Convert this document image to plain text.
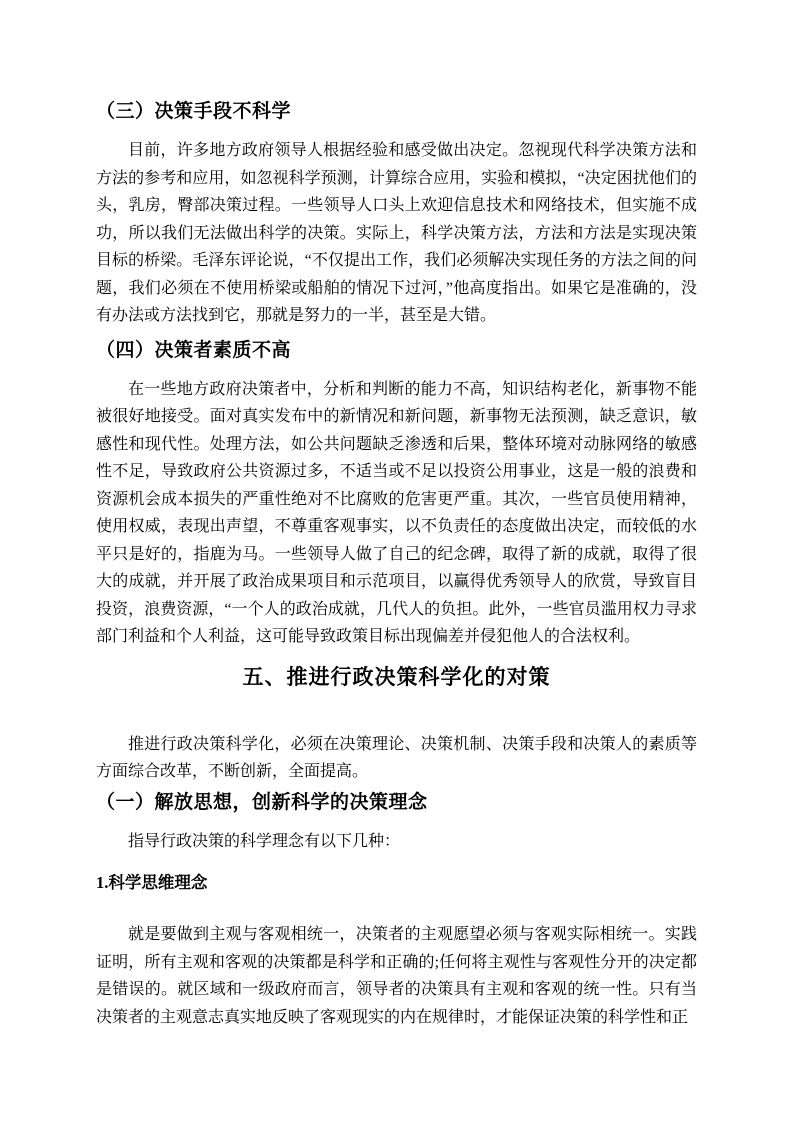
（三）决策手段不科学

目前，许多地方政府领导人根据经验和感受做出决定。忽视现代科学决策方法和方法的参考和应用，如忽视科学预测，计算综合应用，实验和模拟，“决定困扰他们的头，乳房，臀部决策过程。一些领导人口头上欢迎信息技术和网络技术，但实施不成功，所以我们无法做出科学的决策。实际上，科学决策方法，方法和方法是实现决策目标的桥梁。毛泽东评论说，“不仅提出工作，我们必须解决实现任务的方法之间的问题，我们必须在不使用桥梁或船舶的情况下过河，”他高度指出。如果它是准确的，没有办法或方法找到它，那就是努力的一半，甚至是大错。

（四）决策者素质不高

在一些地方政府决策者中，分析和判断的能力不高，知识结构老化，新事物不能被很好地接受。面对真实发布中的新情况和新问题，新事物无法预测，缺乏意识，敏感性和现代性。处理方法，如公共问题缺乏渗透和后果，整体环境对动脉网络的敏感性不足，导致政府公共资源过多，不适当或不足以投资公用事业，这是一般的浪费和资源机会成本损失的严重性绝对不比腐败的危害更严重。其次，一些官员使用精神，使用权威，表现出声望，不尊重客观事实，以不负责任的态度做出决定，而较低的水平只是好的，指鹿为马。一些领导人做了自己的纪念碑，取得了新的成就，取得了很大的成就，并开展了政治成果项目和示范项目，以赢得优秀领导人的欣赏，导致盲目投资，浪费资源，“一个人的政治成就，几代人的负担。此外，一些官员滥用权力寻求部门利益和个人利益，这可能导致政策目标出现偏差并侵犯他人的合法权利。

五、推进行政决策科学化的对策

推进行政决策科学化，必须在决策理论、决策机制、决策手段和决策人的素质等方面综合改革，不断创新，全面提高。

（一）解放思想，创新科学的决策理念

指导行政决策的科学理念有以下几种：

1.科学思维理念

就是要做到主观与客观相统一，决策者的主观愿望必须与客观实际相统一。实践证明，所有主观和客观的决策都是科学和正确的;任何将主观性与客观性分开的决定都是错误的。就区域和一级政府而言，领导者的决策具有主观和客观的统一性。只有当决策者的主观意志真实地反映了客观现实的内在规律时，才能保证决策的科学性和正
